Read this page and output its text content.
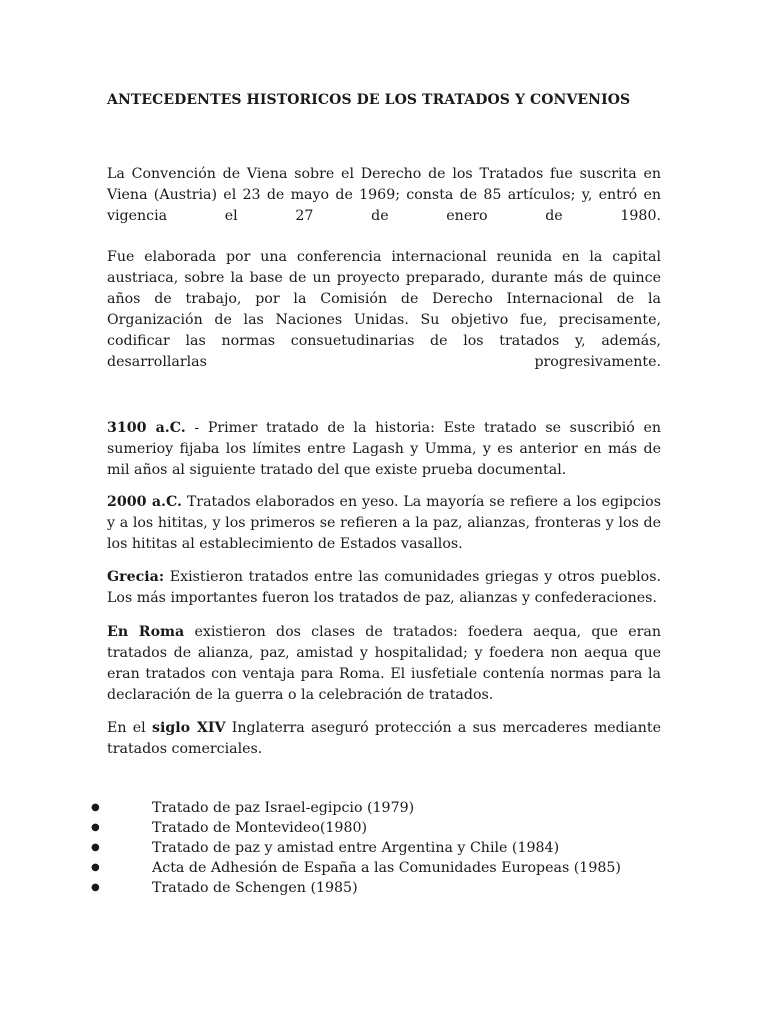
ANTECEDENTES HISTORICOS DE LOS TRATADOS Y CONVENIOS

La Convención de Viena sobre el Derecho de los Tratados fue suscrita en Viena (Austria) el 23 de mayo de 1969; consta de 85 artículos; y, entró en vigencia el 27 de enero de 1980.

Fue elaborada por una conferencia internacional reunida en la capital austriaca, sobre la base de un proyecto preparado, durante más de quince años de trabajo, por la Comisión de Derecho Internacional de la Organización de las Naciones Unidas. Su objetivo fue, precisamente, codificar las normas consuetudinarias de los tratados y, además, desarrollarlas progresivamente.

3100 a.C. - Primer tratado de la historia: Este tratado se suscribió en sumerioy fijaba los límites entre Lagash y Umma, y es anterior en más de mil años al siguiente tratado del que existe prueba documental.

2000 a.C. Tratados elaborados en yeso. La mayoría se refiere a los egipcios y a los hititas, y los primeros se refieren a la paz, alianzas, fronteras y los de los hititas al establecimiento de Estados vasallos.

Grecia: Existieron tratados entre las comunidades griegas y otros pueblos. Los más importantes fueron los tratados de paz, alianzas y confederaciones.

En Roma existieron dos clases de tratados: foedera aequa, que eran tratados de alianza, paz, amistad y hospitalidad; y foedera non aequa que eran tratados con ventaja para Roma. El iusfetiale contenía normas para la declaración de la guerra o la celebración de tratados.

En el siglo XIV Inglaterra aseguró protección a sus mercaderes mediante tratados comerciales.

●	Tratado de paz Israel-egipcio (1979)
●	Tratado de Montevideo(1980)
●	Tratado de paz y amistad entre Argentina y Chile (1984)
●	Acta de Adhesión de España a las Comunidades Europeas (1985)
●	Tratado de Schengen (1985)
